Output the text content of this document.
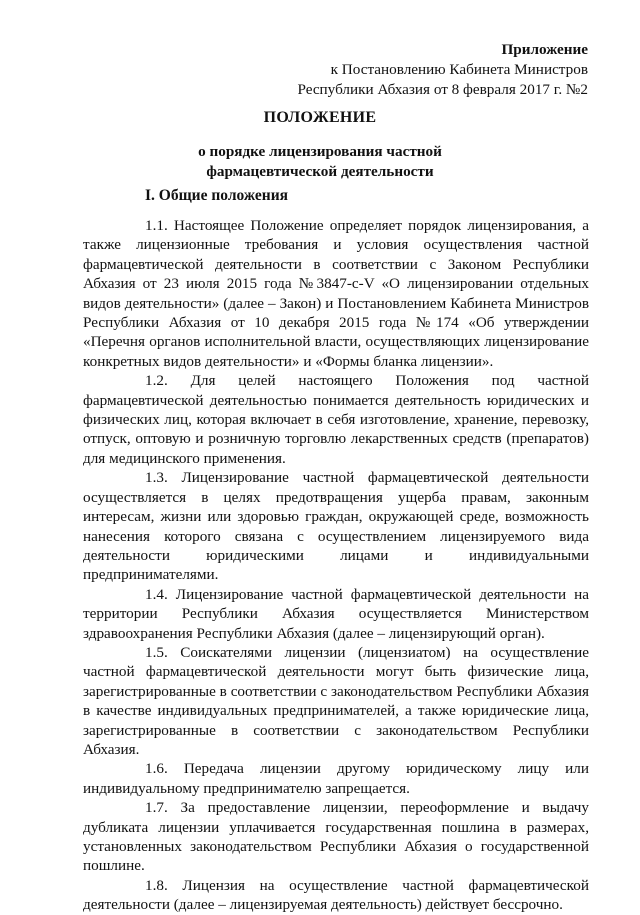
Приложение
к Постановлению Кабинета Министров
Республики Абхазия от 8 февраля 2017 г. №2
ПОЛОЖЕНИЕ
о порядке лицензирования частной
фармацевтической деятельности
I. Общие положения

1.1. Настоящее Положение определяет порядок лицензирования, а также лицензионные требования и условия осуществления частной фармацевтической деятельности в соответствии с Законом Республики Абхазия от 23 июля 2015 года №3847-с-V «О лицензировании отдельных видов деятельности» (далее – Закон) и Постановлением Кабинета Министров Республики Абхазия от 10 декабря 2015 года №174 «Об утверждении «Перечня органов исполнительной власти, осуществляющих лицензирование конкретных видов деятельности» и «Формы бланка лицензии».

1.2. Для целей настоящего Положения под частной фармацевтической деятельностью понимается деятельность юридических и физических лиц, которая включает в себя изготовление, хранение, перевозку, отпуск, оптовую и розничную торговлю лекарственных средств (препаратов) для медицинского применения.

1.3. Лицензирование частной фармацевтической деятельности осуществляется в целях предотвращения ущерба правам, законным интересам, жизни или здоровью граждан, окружающей среде, возможность нанесения которого связана с осуществлением лицензируемого вида деятельности юридическими лицами и индивидуальными предпринимателями.

1.4. Лицензирование частной фармацевтической деятельности на территории Республики Абхазия осуществляется Министерством здравоохранения Республики Абхазия (далее – лицензирующий орган).

1.5. Соискателями лицензии (лицензиатом) на осуществление частной фармацевтической деятельности могут быть физические лица, зарегистрированные в соответствии с законодательством Республики Абхазия в качестве индивидуальных предпринимателей, а также юридические лица, зарегистрированные в соответствии с законодательством Республики Абхазия.

1.6. Передача лицензии другому юридическому лицу или индивидуальному предпринимателю запрещается.

1.7. За предоставление лицензии, переоформление и выдачу дубликата лицензии уплачивается государственная пошлина в размерах, установленных законодательством Республики Абхазия о государственной пошлине.

1.8. Лицензия на осуществление частной фармацевтической деятельности (далее – лицензируемая деятельность) действует бессрочно.
